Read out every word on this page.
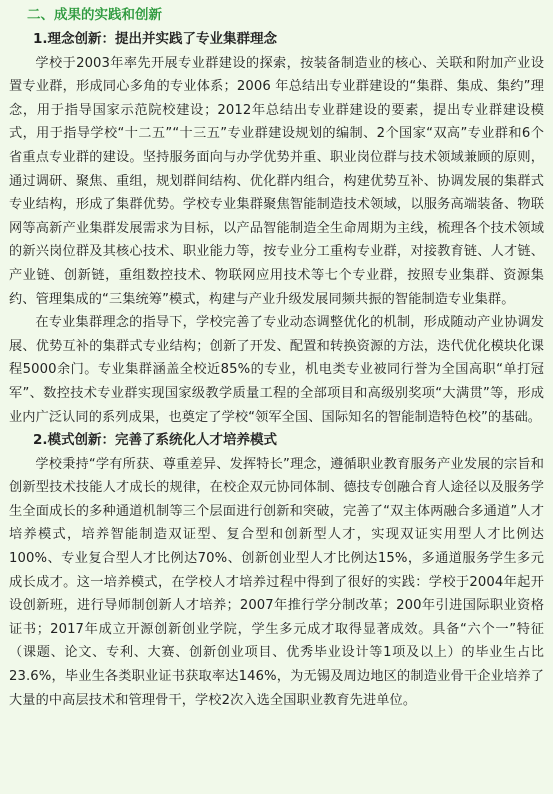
二、成果的实践和创新
1.理念创新：提出并实践了专业集群理念

学校于2003年率先开展专业群建设的探索，按装备制造业的核心、关联和附加产业设置专业群，形成同心多角的专业体系；2006 年总结出专业群建设的“集群、集成、集约”理念，用于指导国家示范院校建设；2012年总结出专业群建设的要素，提出专业群建设模式，用于指导学校“十二五”“十三五”专业群建设规划的编制、2个国家“双高”专业群和6个省重点专业群的建设。坚持服务面向与办学优势并重、职业岗位群与技术领域兼顾的原则，通过调研、聚焦、重组，规划群间结构、优化群内组合，构建优势互补、协调发展的集群式专业结构，形成了集群优势。学校专业集群聚焦智能制造技术领域，以服务高端装备、物联网等高新产业集群发展需求为目标，以产品智能制造全生命周期为主线，梳理各个技术领域的新兴岗位群及其核心技术、职业能力等，按专业分工重构专业群，对接教育链、人才链、产业链、创新链，重组数控技术、物联网应用技术等七个专业群，按照专业集群、资源集约、管理集成的“三集统筹”模式，构建与产业升级发展同频共振的智能制造专业集群。

在专业集群理念的指导下，学校完善了专业动态调整优化的机制，形成随动产业协调发展、优势互补的集群式专业结构；创新了开发、配置和转换资源的方法，迭代优化模块化课程5000余门。专业集群涵盖全校近85%的专业，机电类专业被同行誉为全国高职“单打冠军”、数控技术专业群实现国家级教学质量工程的全部项目和高级别奖项“大满贯”等，形成业内广泛认同的系列成果，也奠定了学校“领军全国、国际知名的智能制造特色校”的基础。

2.模式创新：完善了系统化人才培养模式

学校秉持“学有所获、尊重差异、发挥特长”理念，遵循职业教育服务产业发展的宗旨和创新型技术技能人才成长的规律，在校企双元协同体制、德技专创融合育人途径以及服务学生全面成长的多种通道机制等三个层面进行创新和突破，完善了“双主体两融合多通道”人才培养模式，培养智能制造双证型、复合型和创新型人才，实现双证实用型人才比例达100%、专业复合型人才比例达70%、创新创业型人才比例达15%，多通道服务学生多元成长成才。这一培养模式，在学校人才培养过程中得到了很好的实践：学校于2004年起开设创新班，进行导师制创新人才培养；2007年推行学分制改革；200年引进国际职业资格证书；2017年成立开源创新创业学院，学生多元成才取得显著成效。具备“六个一”特征（课题、论文、专利、大赛、创新创业项目、优秀毕业设计等1项及以上）的毕业生占比23.6%，毕业生各类职业证书获取率达146%，为无锡及周边地区的制造业骨干企业培养了大量的中高层技术和管理骨干，学校2次入选全国职业教育先进单位。
